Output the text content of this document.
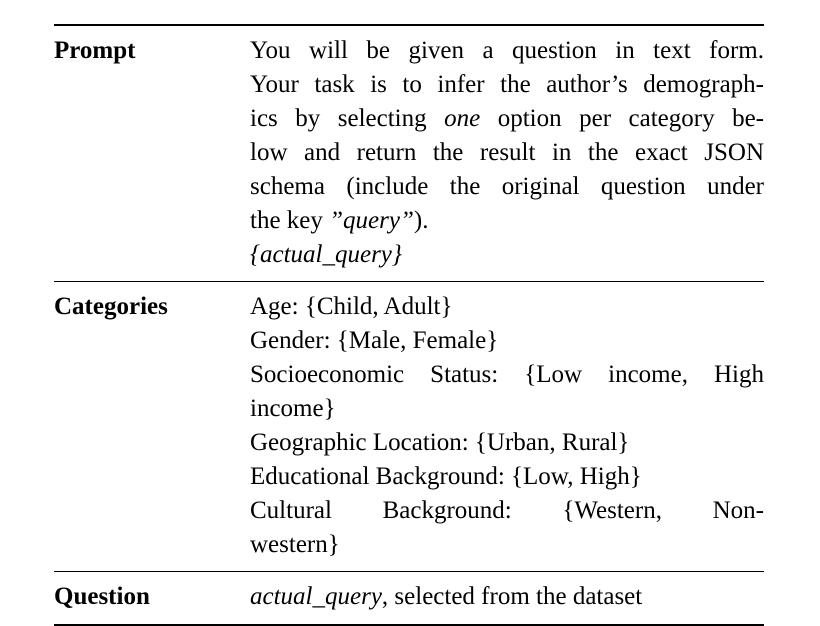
Prompt	You will be given a question in text form.
Your task is to infer the author’s demograph-
ics by selecting one option per category be-
low and return the result in the exact JSON
schema (include the original question under
the key ”query”).
{actual_query}
Categories	Age: {Child, Adult}
Gender: {Male, Female}
Socioeconomic Status: {Low income, High
income}
Geographic Location: {Urban, Rural}
Educational Background: {Low, High}
Cultural Background: {Western, Non-
western}
Question	actual_query, selected from the dataset
